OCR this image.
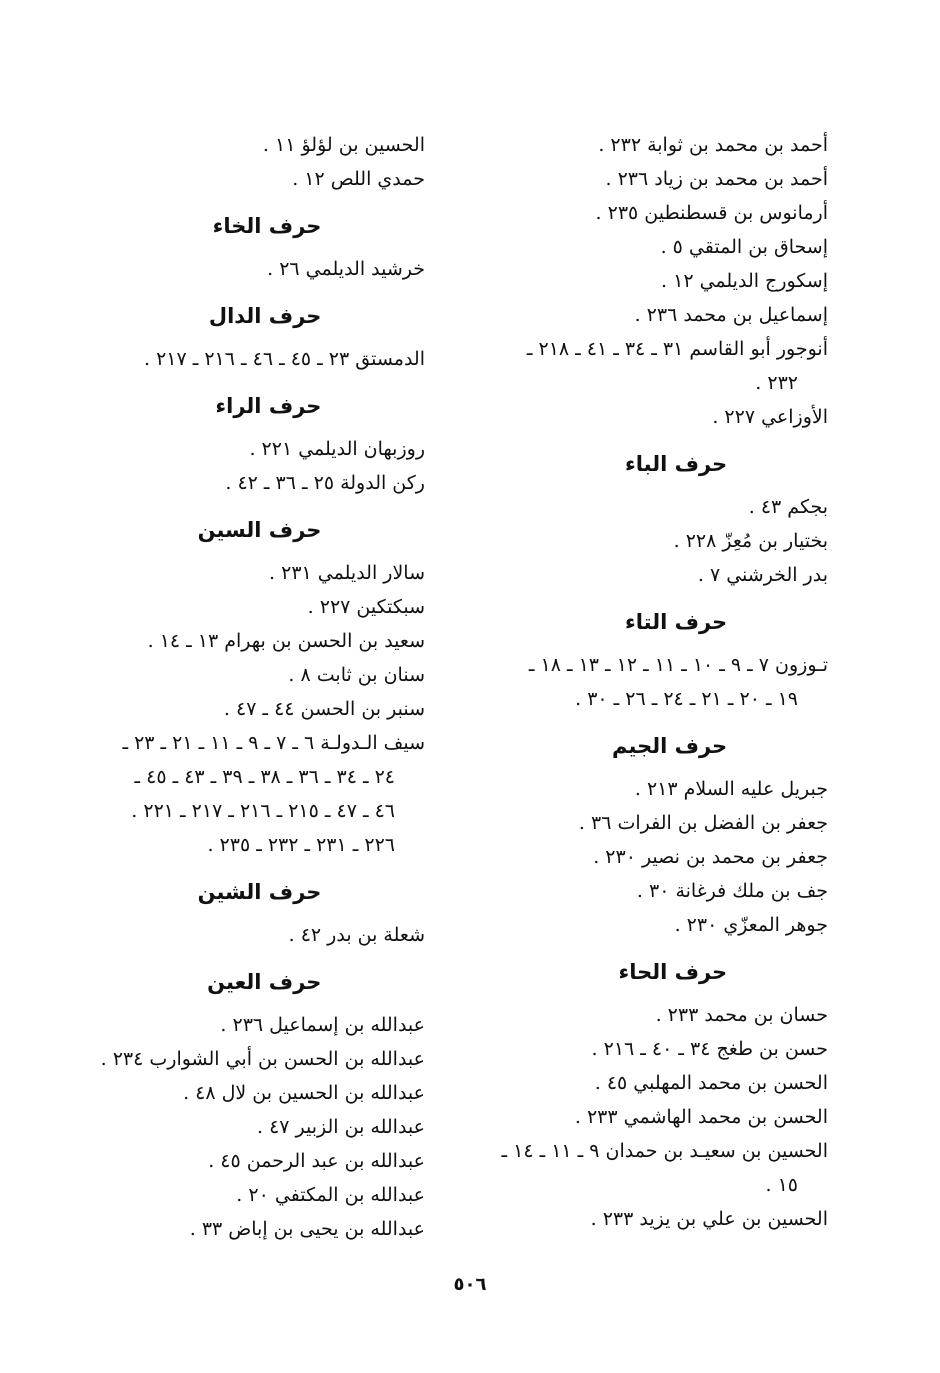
أحمد بن محمد بن ثوابة ٢٣٢ .
أحمد بن محمد بن زياد ٢٣٦ .
أرمانوس بن قسطنطين ٢٣٥ .
إسحاق بن المتقي ٥ .
إسكورج الديلمي ١٢ .
إسماعيل بن محمد ٢٣٦ .
أنوجور أبو القاسم ٣١ ـ ٣٤ ـ ٤١ ـ ٢١٨ ـ
٢٣٢ .
الأوزاعي ٢٢٧ .
حرف الباء
بجكم ٤٣ .
بختيار بن مُعِزّ ٢٢٨ .
بدر الخرشني ٧ .
حرف التاء
تـوزون ٧ ـ ٩ ـ ١٠ ـ ١١ ـ ١٢ ـ ١٣ ـ ١٨ ـ
١٩ ـ ٢٠ ـ ٢١ ـ ٢٤ ـ ٢٦ ـ ٣٠ .
حرف الجيم
جبريل عليه السلام ٢١٣ .
جعفر بن الفضل بن الفرات ٣٦ .
جعفر بن محمد بن نصير ٢٣٠ .
جف بن ملك فرغانة ٣٠ .
جوهر المعزّي ٢٣٠ .
حرف الحاء
حسان بن محمد ٢٣٣ .
حسن بن طغج ٣٤ ـ ٤٠ ـ ٢١٦ .
الحسن بن محمد المهلبي ٤٥ .
الحسن بن محمد الهاشمي ٢٣٣ .
الحسين بن سعيـد بن حمدان ٩ ـ ١١ ـ ١٤ ـ
١٥ .
الحسين بن علي بن يزيد ٢٣٣ .
الحسين بن لؤلؤ ١١ .
حمدي اللص ١٢ .
حرف الخاء
خرشيد الديلمي ٢٦ .
حرف الدال
الدمستق ٢٣ ـ ٤٥ ـ ٤٦ ـ ٢١٦ ـ ٢١٧ .
حرف الراء
روزبهان الديلمي ٢٢١ .
ركن الدولة ٢٥ ـ ٣٦ ـ ٤٢ .
حرف السين
سالار الديلمي ٢٣١ .
سبكتكين ٢٢٧ .
سعيد بن الحسن بن بهرام ١٣ ـ ١٤ .
سنان بن ثابت ٨ .
سنبر بن الحسن ٤٤ ـ ٤٧ .
سيف الـدولـة ٦ ـ ٧ ـ ٩ ـ ١١ ـ ٢١ ـ ٢٣ ـ
٢٤ ـ ٣٤ ـ ٣٦ ـ ٣٨ ـ ٣٩ ـ ٤٣ ـ ٤٥ ـ
٤٦ ـ ٤٧ ـ ٢١٥ ـ ٢١٦ ـ ٢١٧ ـ ٢٢١ .
٢٢٦ ـ ٢٣١ ـ ٢٣٢ ـ ٢٣٥ .
حرف الشين
شعلة بن بدر ٤٢ .
حرف العين
عبدالله بن إسماعيل ٢٣٦ .
عبدالله بن الحسن بن أبي الشوارب ٢٣٤ .
عبدالله بن الحسين بن لال ٤٨ .
عبدالله بن الزبير ٤٧ .
عبدالله بن عبد الرحمن ٤٥ .
عبدالله بن المكتفي ٢٠ .
عبدالله بن يحيى بن إباض ٣٣ .
٥٠٦
